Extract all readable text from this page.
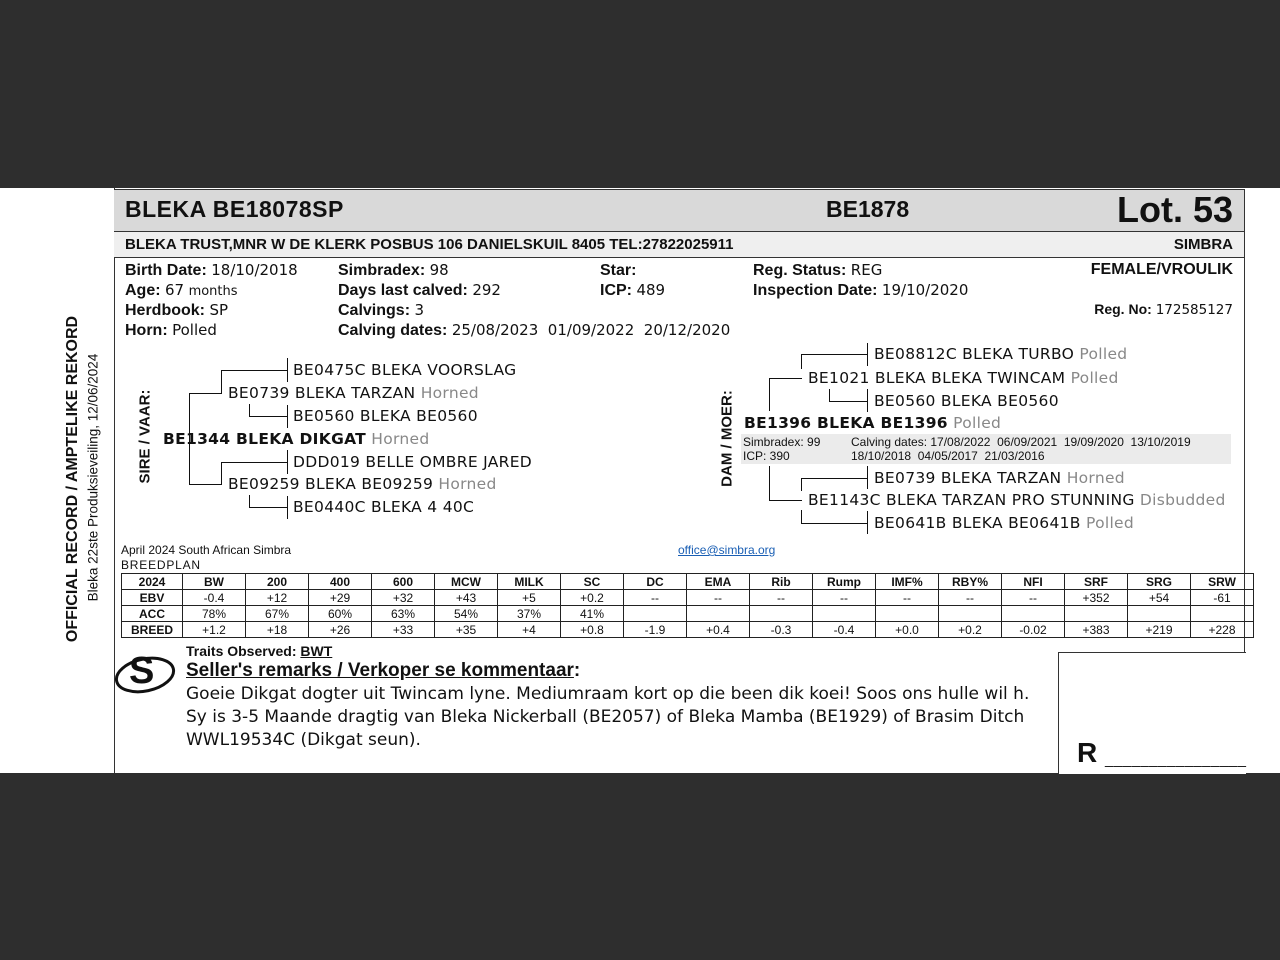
OFFICIAL RECORD / AMPTELIKE REKORD Bleka 22ste Produksieveiling, 12/06/2024
BLEKA BE18078SP	BE1878	Lot. 53
BLEKA TRUST,MNR W DE KLERK POSBUS 106 DANIELSKUIL 8405 TEL:27822025911	SIMBRA
Birth Date: 18/10/2018
Age: 67 months
Herdbook: SP
Horn: Polled
Simbradex: 98
Days last calved: 292
Calvings: 3
Calving dates: 25/08/2023  01/09/2022  20/12/2020
Star:
ICP: 489
Reg. Status: REG
Inspection Date: 19/10/2020
FEMALE/VROULIK
Reg. No: 172585127
SIRE / VAAR:
BE0475C BLEKA VOORSLAG
BE0739 BLEKA TARZAN Horned
BE0560 BLEKA BE0560
BE1344 BLEKA DIKGAT Horned
DDD019 BELLE OMBRE JARED
BE09259 BLEKA BE09259 Horned
BE0440C BLEKA 4 40C
DAM / MOER:
BE08812C BLEKA TURBO Polled
BE1021 BLEKA BLEKA TWINCAM Polled
BE0560 BLEKA BE0560
BE1396 BLEKA BE1396 Polled
Simbradex: 99
ICP: 390
Calving dates: 17/08/2022  06/09/2021  19/09/2020  13/10/2019
18/10/2018  04/05/2017  21/03/2016
BE0739 BLEKA TARZAN Horned
BE1143C BLEKA TARZAN PRO STUNNING Disbudded
BE0641B BLEKA BE0641B Polled
April 2024 South African Simbra
BREEDPLAN
office@simbra.org
2024	BW	200	400	600	MCW	MILK	SC	DC	EMA	Rib	Rump	IMF%	RBY%	NFI	SRF	SRG	SRW
EBV	-0.4	+12	+29	+32	+43	+5	+0.2	--	--	--	--	--	--	--	+352	+54	-61
ACC	78%	67%	60%	63%	54%	37%	41%										
BREED	+1.2	+18	+26	+33	+35	+4	+0.8	-1.9	+0.4	-0.3	-0.4	+0.0	+0.2	-0.02	+383	+219	+228
Traits Observed: BWT
S Seller's remarks / Verkoper se kommentaar:
Goeie Dikgat dogter uit Twincam lyne. Mediumraam kort op die been dik koei! Soos ons hulle wil h.
Sy is 3-5 Maande dragtig van Bleka Nickerball (BE2057) of Bleka Mamba (BE1929) of Brasim Ditch
WWL19534C (Dikgat seun).	R ________________
